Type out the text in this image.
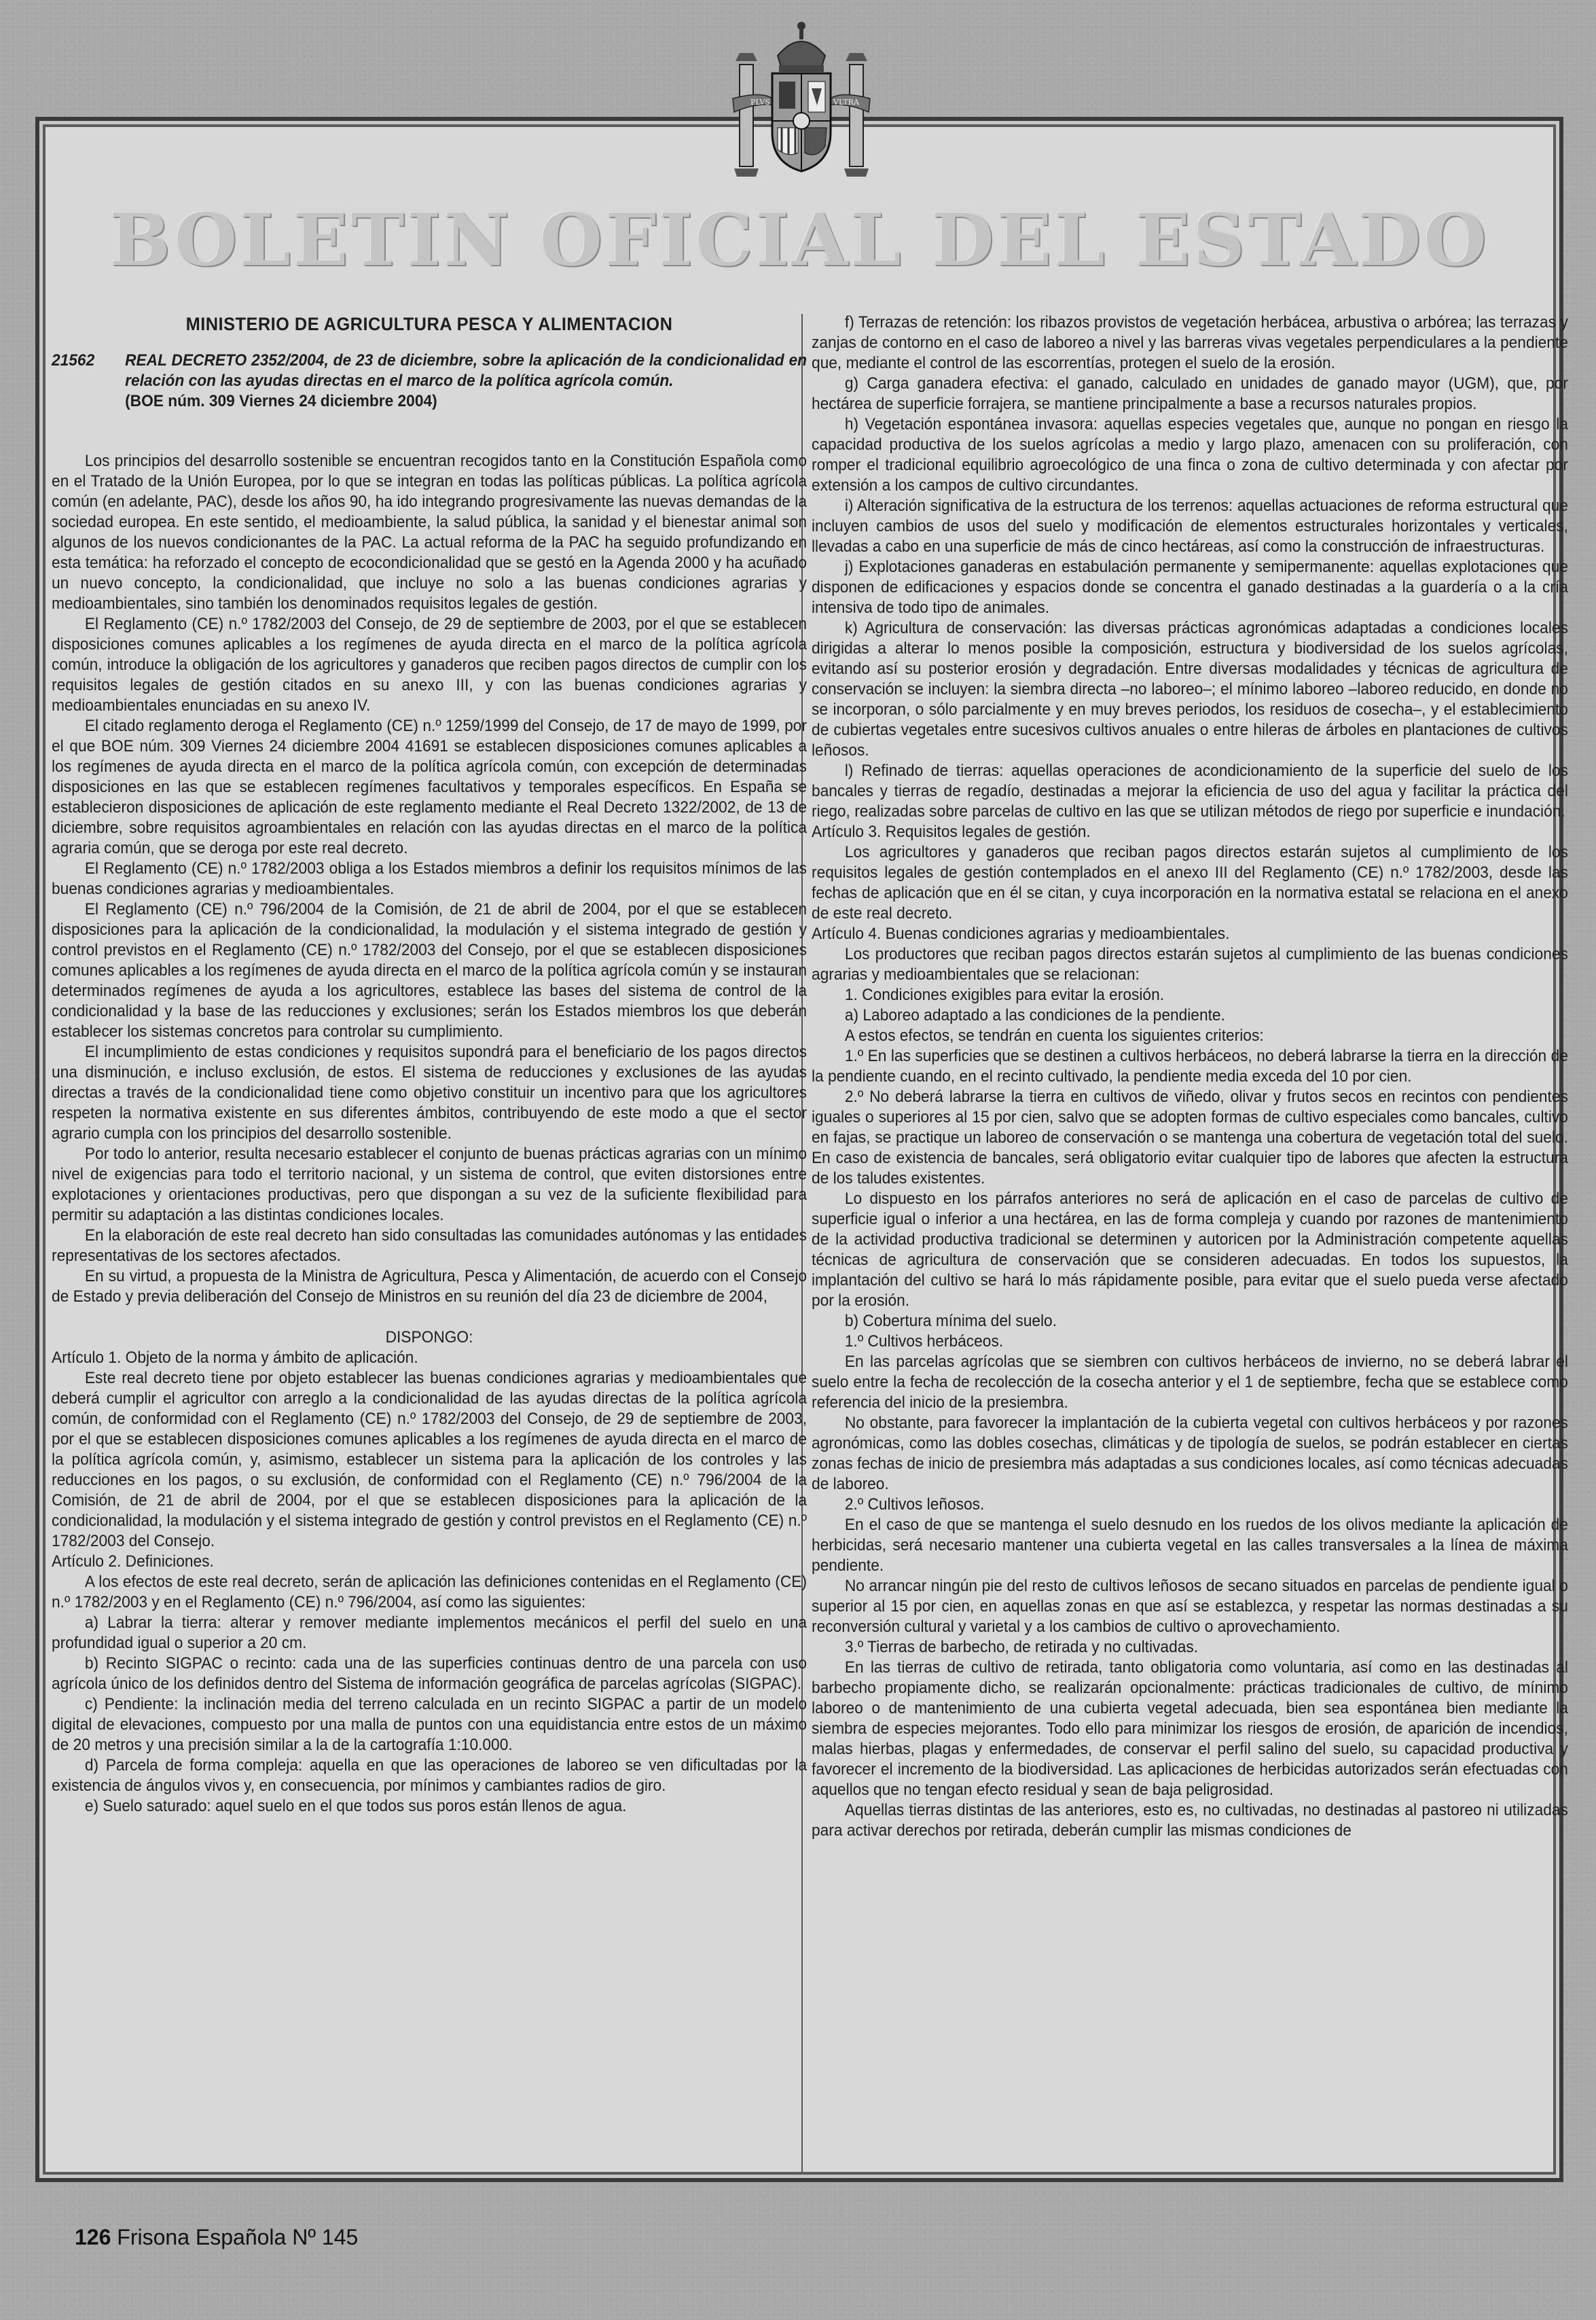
PLVS	VLTRA
BOLETIN OFICIAL DEL ESTADO
MINISTERIO DE AGRICULTURA PESCA Y ALIMENTACION
21562	REAL DECRETO 2352/2004, de 23 de diciembre, sobre la aplicación de la condicionalidad en relación con las ayudas directas en el marco de la política agrícola común.
(BOE núm. 309 Viernes 24 diciembre 2004)

Los principios del desarrollo sostenible se encuentran recogidos tanto en la Constitución Española como en el Tratado de la Unión Europea, por lo que se integran en todas las políticas públicas. La política agrícola común (en adelante, PAC), desde los años 90, ha ido integrando progresivamente las nuevas demandas de la sociedad europea. En este sentido, el medioambiente, la salud pública, la sanidad y el bienestar animal son algunos de los nuevos condicionantes de la PAC. La actual reforma de la PAC ha seguido profundizando en esta temática: ha reforzado el concepto de ecocondicionalidad que se gestó en la Agenda 2000 y ha acuñado un nuevo concepto, la condicionalidad, que incluye no solo a las buenas condiciones agrarias y medioambientales, sino también los denominados requisitos legales de gestión.

El Reglamento (CE) n.º 1782/2003 del Consejo, de 29 de septiembre de 2003, por el que se establecen disposiciones comunes aplicables a los regímenes de ayuda directa en el marco de la política agrícola común, introduce la obligación de los agricultores y ganaderos que reciben pagos directos de cumplir con los requisitos legales de gestión citados en su anexo III, y con las buenas condiciones agrarias y medioambientales enunciadas en su anexo IV.

El citado reglamento deroga el Reglamento (CE) n.º 1259/1999 del Consejo, de 17 de mayo de 1999, por el que BOE núm. 309 Viernes 24 diciembre 2004 41691 se establecen disposiciones comunes aplicables a los regímenes de ayuda directa en el marco de la política agrícola común, con excepción de determinadas disposiciones en las que se establecen regímenes facultativos y temporales específicos. En España se establecieron disposiciones de aplicación de este reglamento mediante el Real Decreto 1322/2002, de 13 de diciembre, sobre requisitos agroambientales en relación con las ayudas directas en el marco de la política agraria común, que se deroga por este real decreto.

El Reglamento (CE) n.º 1782/2003 obliga a los Estados miembros a definir los requisitos mínimos de las buenas condiciones agrarias y medioambientales.

El Reglamento (CE) n.º 796/2004 de la Comisión, de 21 de abril de 2004, por el que se establecen disposiciones para la aplicación de la condicionalidad, la modulación y el sistema integrado de gestión y control previstos en el Reglamento (CE) n.º 1782/2003 del Consejo, por el que se establecen disposiciones comunes aplicables a los regímenes de ayuda directa en el marco de la política agrícola común y se instauran determinados regímenes de ayuda a los agricultores, establece las bases del sistema de control de la condicionalidad y la base de las reducciones y exclusiones; serán los Estados miembros los que deberán establecer los sistemas concretos para controlar su cumplimiento.

El incumplimiento de estas condiciones y requisitos supondrá para el beneficiario de los pagos directos una disminución, e incluso exclusión, de estos. El sistema de reducciones y exclusiones de las ayudas directas a través de la condicionalidad tiene como objetivo constituir un incentivo para que los agricultores respeten la normativa existente en sus diferentes ámbitos, contribuyendo de este modo a que el sector agrario cumpla con los principios del desarrollo sostenible.

Por todo lo anterior, resulta necesario establecer el conjunto de buenas prácticas agrarias con un mínimo nivel de exigencias para todo el territorio nacional, y un sistema de control, que eviten distorsiones entre explotaciones y orientaciones productivas, pero que dispongan a su vez de la suficiente flexibilidad para permitir su adaptación a las distintas condiciones locales.

En la elaboración de este real decreto han sido consultadas las comunidades autónomas y las entidades representativas de los sectores afectados.

En su virtud, a propuesta de la Ministra de Agricultura, Pesca y Alimentación, de acuerdo con el Consejo de Estado y previa deliberación del Consejo de Ministros en su reunión del día 23 de diciembre de 2004,

DISPONGO:

Artículo 1. Objeto de la norma y ámbito de aplicación.

Este real decreto tiene por objeto establecer las buenas condiciones agrarias y medioambientales que deberá cumplir el agricultor con arreglo a la condicionalidad de las ayudas directas de la política agrícola común, de conformidad con el Reglamento (CE) n.º 1782/2003 del Consejo, de 29 de septiembre de 2003, por el que se establecen disposiciones comunes aplicables a los regímenes de ayuda directa en el marco de la política agrícola común, y, asimismo, establecer un sistema para la aplicación de los controles y las reducciones en los pagos, o su exclusión, de conformidad con el Reglamento (CE) n.º 796/2004 de la Comisión, de 21 de abril de 2004, por el que se establecen disposiciones para la aplicación de la condicionalidad, la modulación y el sistema integrado de gestión y control previstos en el Reglamento (CE) n.º 1782/2003 del Consejo.

Artículo 2. Definiciones.

A los efectos de este real decreto, serán de aplicación las definiciones contenidas en el Reglamento (CE) n.º 1782/2003 y en el Reglamento (CE) n.º 796/2004, así como las siguientes:

a) Labrar la tierra: alterar y remover mediante implementos mecánicos el perfil del suelo en una profundidad igual o superior a 20 cm.

b) Recinto SIGPAC o recinto: cada una de las superficies continuas dentro de una parcela con uso agrícola único de los definidos dentro del Sistema de información geográfica de parcelas agrícolas (SIGPAC).

c) Pendiente: la inclinación media del terreno calculada en un recinto SIGPAC a partir de un modelo digital de elevaciones, compuesto por una malla de puntos con una equidistancia entre estos de un máximo de 20 metros y una precisión similar a la de la cartografía 1:10.000.

d) Parcela de forma compleja: aquella en que las operaciones de laboreo se ven dificultadas por la existencia de ángulos vivos y, en consecuencia, por mínimos y cambiantes radios de giro.

e) Suelo saturado: aquel suelo en el que todos sus poros están llenos de agua.

f) Terrazas de retención: los ribazos provistos de vegetación herbácea, arbustiva o arbórea; las terrazas y zanjas de contorno en el caso de laboreo a nivel y las barreras vivas vegetales perpendiculares a la pendiente que, mediante el control de las escorrentías, protegen el suelo de la erosión.

g) Carga ganadera efectiva: el ganado, calculado en unidades de ganado mayor (UGM), que, por hectárea de superficie forrajera, se mantiene principalmente a base a recursos naturales propios.

h) Vegetación espontánea invasora: aquellas especies vegetales que, aunque no pongan en riesgo la capacidad productiva de los suelos agrícolas a medio y largo plazo, amenacen con su proliferación, con romper el tradicional equilibrio agroecológico de una finca o zona de cultivo determinada y con afectar por extensión a los campos de cultivo circundantes.

i) Alteración significativa de la estructura de los terrenos: aquellas actuaciones de reforma estructural que incluyen cambios de usos del suelo y modificación de elementos estructurales horizontales y verticales, llevadas a cabo en una superficie de más de cinco hectáreas, así como la construcción de infraestructuras.

j) Explotaciones ganaderas en estabulación permanente y semipermanente: aquellas explotaciones que disponen de edificaciones y espacios donde se concentra el ganado destinadas a la guardería o a la cría intensiva de todo tipo de animales.

k) Agricultura de conservación: las diversas prácticas agronómicas adaptadas a condiciones locales dirigidas a alterar lo menos posible la composición, estructura y biodiversidad de los suelos agrícolas, evitando así su posterior erosión y degradación. Entre diversas modalidades y técnicas de agricultura de conservación se incluyen: la siembra directa –no laboreo–; el mínimo laboreo –laboreo reducido, en donde no se incorporan, o sólo parcialmente y en muy breves periodos, los residuos de cosecha–, y el establecimiento de cubiertas vegetales entre sucesivos cultivos anuales o entre hileras de árboles en plantaciones de cultivos leñosos.

l) Refinado de tierras: aquellas operaciones de acondicionamiento de la superficie del suelo de los bancales y tierras de regadío, destinadas a mejorar la eficiencia de uso del agua y facilitar la práctica del riego, realizadas sobre parcelas de cultivo en las que se utilizan métodos de riego por superficie e inundación.

Artículo 3. Requisitos legales de gestión.

Los agricultores y ganaderos que reciban pagos directos estarán sujetos al cumplimiento de los requisitos legales de gestión contemplados en el anexo III del Reglamento (CE) n.º 1782/2003, desde las fechas de aplicación que en él se citan, y cuya incorporación en la normativa estatal se relaciona en el anexo de este real decreto.

Artículo 4. Buenas condiciones agrarias y medioambientales.

Los productores que reciban pagos directos estarán sujetos al cumplimiento de las buenas condiciones agrarias y medioambientales que se relacionan:

1. Condiciones exigibles para evitar la erosión.

a) Laboreo adaptado a las condiciones de la pendiente.

A estos efectos, se tendrán en cuenta los siguientes criterios:

1.º En las superficies que se destinen a cultivos herbáceos, no deberá labrarse la tierra en la dirección de la pendiente cuando, en el recinto cultivado, la pendiente media exceda del 10 por cien.

2.º No deberá labrarse la tierra en cultivos de viñedo, olivar y frutos secos en recintos con pendientes iguales o superiores al 15 por cien, salvo que se adopten formas de cultivo especiales como bancales, cultivo en fajas, se practique un laboreo de conservación o se mantenga una cobertura de vegetación total del suelo. En caso de existencia de bancales, será obligatorio evitar cualquier tipo de labores que afecten la estructura de los taludes existentes.

Lo dispuesto en los párrafos anteriores no será de aplicación en el caso de parcelas de cultivo de superficie igual o inferior a una hectárea, en las de forma compleja y cuando por razones de mantenimiento de la actividad productiva tradicional se determinen y autoricen por la Administración competente aquellas técnicas de agricultura de conservación que se consideren adecuadas. En todos los supuestos, la implantación del cultivo se hará lo más rápidamente posible, para evitar que el suelo pueda verse afectado por la erosión.

b) Cobertura mínima del suelo.

1.º Cultivos herbáceos.

En las parcelas agrícolas que se siembren con cultivos herbáceos de invierno, no se deberá labrar el suelo entre la fecha de recolección de la cosecha anterior y el 1 de septiembre, fecha que se establece como referencia del inicio de la presiembra.

No obstante, para favorecer la implantación de la cubierta vegetal con cultivos herbáceos y por razones agronómicas, como las dobles cosechas, climáticas y de tipología de suelos, se podrán establecer en ciertas zonas fechas de inicio de presiembra más adaptadas a sus condiciones locales, así como técnicas adecuadas de laboreo.

2.º Cultivos leñosos.

En el caso de que se mantenga el suelo desnudo en los ruedos de los olivos mediante la aplicación de herbicidas, será necesario mantener una cubierta vegetal en las calles transversales a la línea de máxima pendiente.

No arrancar ningún pie del resto de cultivos leñosos de secano situados en parcelas de pendiente igual o superior al 15 por cien, en aquellas zonas en que así se establezca, y respetar las normas destinadas a su reconversión cultural y varietal y a los cambios de cultivo o aprovechamiento.

3.º Tierras de barbecho, de retirada y no cultivadas.

En las tierras de cultivo de retirada, tanto obligatoria como voluntaria, así como en las destinadas al barbecho propiamente dicho, se realizarán opcionalmente: prácticas tradicionales de cultivo, de mínimo laboreo o de mantenimiento de una cubierta vegetal adecuada, bien sea espontánea bien mediante la siembra de especies mejorantes. Todo ello para minimizar los riesgos de erosión, de aparición de incendios, malas hierbas, plagas y enfermedades, de conservar el perfil salino del suelo, su capacidad productiva y favorecer el incremento de la biodiversidad. Las aplicaciones de herbicidas autorizados serán efectuadas con aquellos que no tengan efecto residual y sean de baja peligrosidad.

Aquellas tierras distintas de las anteriores, esto es, no cultivadas, no destinadas al pastoreo ni utilizadas para activar derechos por retirada, deberán cumplir las mismas condiciones de

126 Frisona Española Nº 145
